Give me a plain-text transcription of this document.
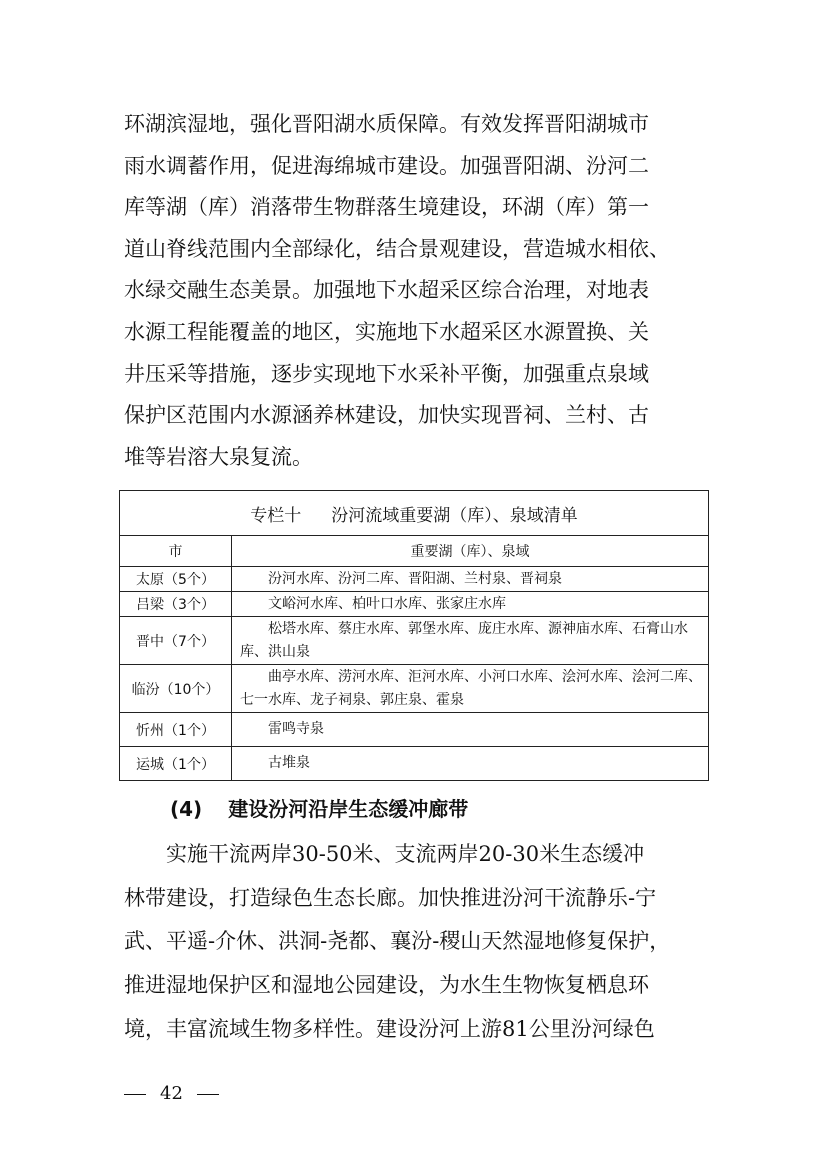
环湖滨湿地，强化晋阳湖水质保障。有效发挥晋阳湖城市
雨水调蓄作用，促进海绵城市建设。加强晋阳湖、汾河二
库等湖（库）消落带生物群落生境建设，环湖（库）第一
道山脊线范围内全部绿化，结合景观建设，营造城水相依、
水绿交融生态美景。加强地下水超采区综合治理，对地表
水源工程能覆盖的地区，实施地下水超采区水源置换、关
井压采等措施，逐步实现地下水采补平衡，加强重点泉域
保护区范围内水源涵养林建设，加快实现晋祠、兰村、古
堆等岩溶大泉复流。
专栏十 汾河流域重要湖（库）、泉域清单	
市	重要湖（库）、泉域
太原（5个）	　　汾河水库、汾河二库、晋阳湖、兰村泉、晋祠泉
吕梁（3个）	　　文峪河水库、柏叶口水库、张家庄水库
晋中（7个）	　　松塔水库、蔡庄水库、郭堡水库、庞庄水库、源神庙水库、石膏山水库、洪山泉
临汾（10个）	　　曲亭水库、涝河水库、洰河水库、小河口水库、浍河水库、浍河二库、七一水库、龙子祠泉、郭庄泉、霍泉
忻州（1个）	　　雷鸣寺泉
运城（1个）	　　古堆泉
(4) 建设汾河沿岸生态缓冲廊带
　　实施干流两岸30-50米、支流两岸20-30米生态缓冲
林带建设，打造绿色生态长廊。加快推进汾河干流静乐-宁
武、平遥-介休、洪洞-尧都、襄汾-稷山天然湿地修复保护，
推进湿地保护区和湿地公园建设，为水生生物恢复栖息环
境，丰富流域生物多样性。建设汾河上游81公里汾河绿色
42
